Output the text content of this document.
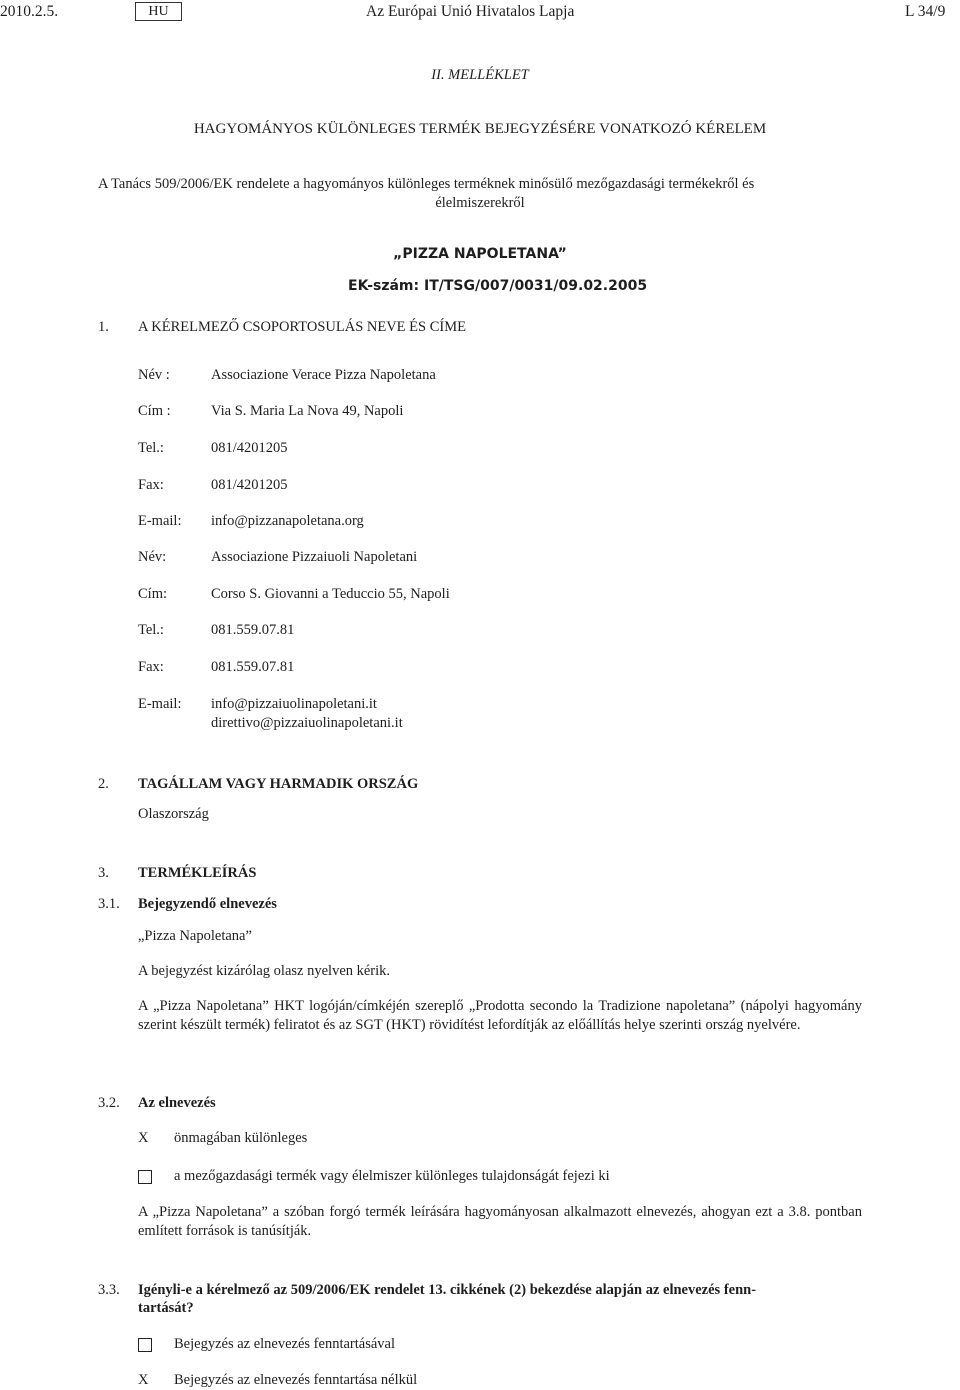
2010.2.5.	HU	Az Európai Unió Hivatalos Lapja	L 34/9
II. MELLÉKLET
HAGYOMÁNYOS KÜLÖNLEGES TERMÉK BEJEGYZÉSÉRE VONATKOZÓ KÉRELEM
A Tanács 509/2006/EK rendelete a hagyományos különleges terméknek minősülő mezőgazdasági termékekről és
élelmiszerekről
„PIZZA NAPOLETANA”
EK-szám: IT/TSG/007/0031/09.02.2005
1. A KÉRELMEZŐ CSOPORTOSULÁS NEVE ÉS CÍME
Név :	Associazione Verace Pizza Napoletana
Cím :	Via S. Maria La Nova 49, Napoli
Tel.:	081/4201205
Fax:	081/4201205
E-mail: info@pizzanapoletana.org
Név:	Associazione Pizzaiuoli Napoletani
Cím:	Corso S. Giovanni a Teduccio 55, Napoli
Tel.:	081.559.07.81
Fax:	081.559.07.81
E-mail: info@pizzaiuolinapoletani.it
direttivo@pizzaiuolinapoletani.it
2. TAGÁLLAM VAGY HARMADIK ORSZÁG
Olaszország
3. TERMÉKLEÍRÁS
3.1. Bejegyzendő elnevezés
„Pizza Napoletana”
A bejegyzést kizárólag olasz nyelven kérik.
A „Pizza Napoletana” HKT logóján/címkéjén szereplő „Prodotta secondo la Tradizione napoletana” (nápolyi hagyomány szerint készült termék) feliratot és az SGT (HKT) rövidítést lefordítják az előállítás helye szerinti ország nyelvére.
3.2. Az elnevezés
X önmagában különleges
a mezőgazdasági termék vagy élelmiszer különleges tulajdonságát fejezi ki
A „Pizza Napoletana” a szóban forgó termék leírására hagyományosan alkalmazott elnevezés, ahogyan ezt a 3.8. pontban említett források is tanúsítják.
3.3. Igényli-e a kérelmező az 509/2006/EK rendelet 13. cikkének (2) bekezdése alapján az elnevezés fenn-
tartását?
Bejegyzés az elnevezés fenntartásával
X Bejegyzés az elnevezés fenntartása nélkül
